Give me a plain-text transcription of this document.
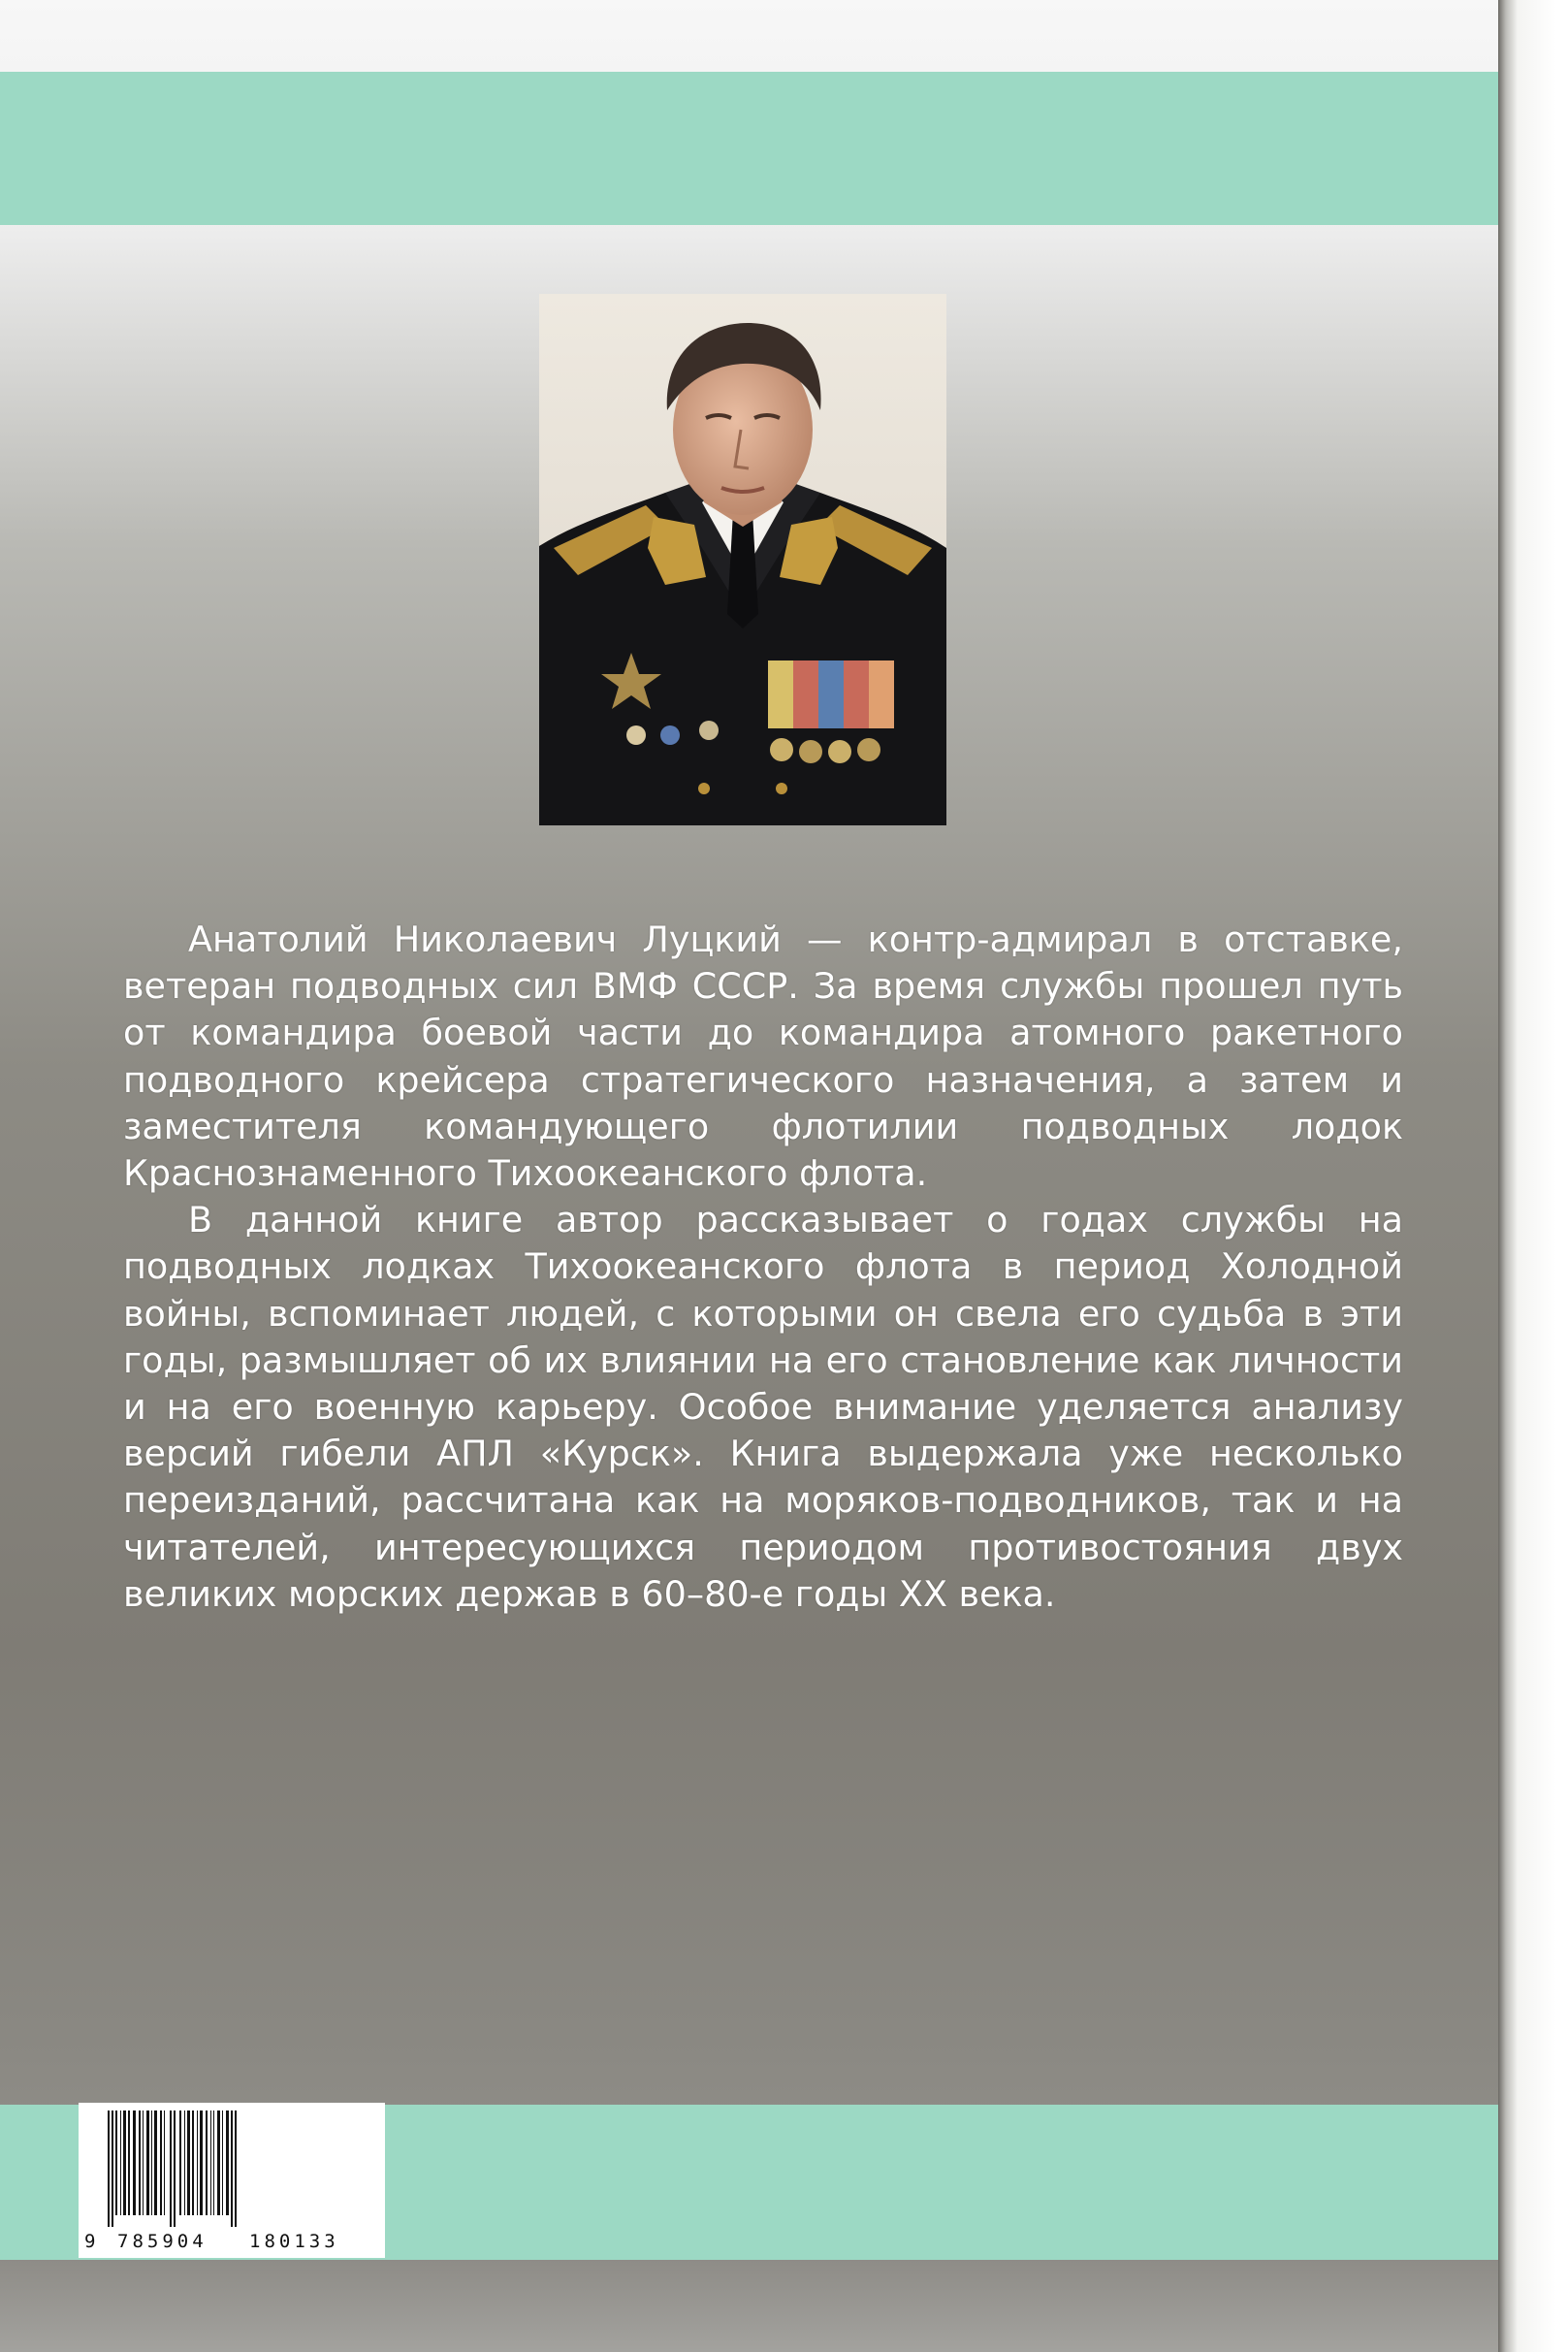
Анатолий Николаевич Луцкий — контр-адмирал в отставке, ветеран подводных сил ВМФ СССР. За время службы прошел путь от командира боевой части до командира атомного ракетного подводного крейсера стратегического назначения, а затем и заместителя командующего флотилии подводных лодок Краснознаменного Тихоокеанского флота.

В данной книге автор рассказывает о годах службы на подводных лодках Тихоокеанского флота в период Холодной войны, вспоминает людей, с которыми он свела его судьба в эти годы, размышляет об их влиянии на его становление как личности и на его военную карьеру. Особое внимание уделяется анализу версий гибели АПЛ «Курск». Книга выдержала уже несколько переизданий, рассчитана как на моряков-подводников, так и на читателей, интересующихся периодом противостояния двух великих морских держав в 60–80-е годы XX века.

9 785904 180133
